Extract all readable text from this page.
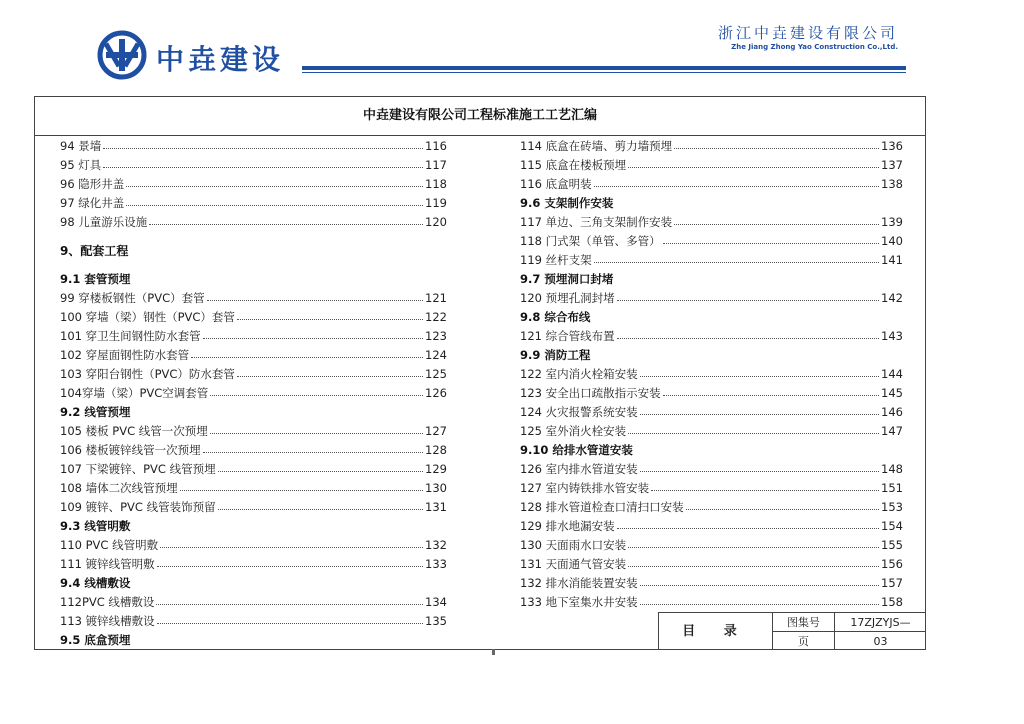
中垚建设
浙江中垚建设有限公司
Zhe Jiang Zhong Yao Construction Co.,Ltd.
中垚建设有限公司工程标准施工工艺汇编
94 景墙	116
95 灯具	117
96 隐形井盖	118
97 绿化井盖	119
98 儿童游乐设施	120
9、配套工程
9.1 套管预埋
99 穿楼板钢性（PVC）套管	121
100 穿墙（梁）钢性（PVC）套管	122
101 穿卫生间钢性防水套管	123
102 穿屋面钢性防水套管	124
103 穿阳台钢性（PVC）防水套管	125
104穿墙（梁）PVC空调套管	126
9.2 线管预埋
105 楼板 PVC 线管一次预埋	127
106 楼板镀锌线管一次预埋	128
107 下梁镀锌、PVC 线管预埋	129
108 墙体二次线管预埋	130
109 镀锌、PVC 线管装饰预留	131
9.3 线管明敷
110 PVC 线管明敷	132
111 镀锌线管明敷	133
9.4 线槽敷设
112PVC 线槽敷设	134
113 镀锌线槽敷设	135
9.5 底盒预埋
114 底盒在砖墙、剪力墙预埋	136
115 底盒在楼板预埋	137
116 底盒明装	138
9.6 支架制作安装
117 单边、三角支架制作安装	139
118 门式架（单管、多管）	140
119 丝杆支架	141
9.7 预埋洞口封堵
120 预埋孔洞封堵	142
9.8 综合布线
121 综合管线布置	143
9.9 消防工程
122 室内消火栓箱安装	144
123 安全出口疏散指示安装	145
124 火灾报警系统安装	146
125 室外消火栓安装	147
9.10 给排水管道安装
126 室内排水管道安装	148
127 室内铸铁排水管安装	151
128 排水管道检查口清扫口安装	153
129 排水地漏安装	154
130 天面雨水口安装	155
131 天面通气管安装	156
132 排水消能装置安装	157
133 地下室集水井安装	158
目 录
图集号	17ZJZYJS—
页	03
